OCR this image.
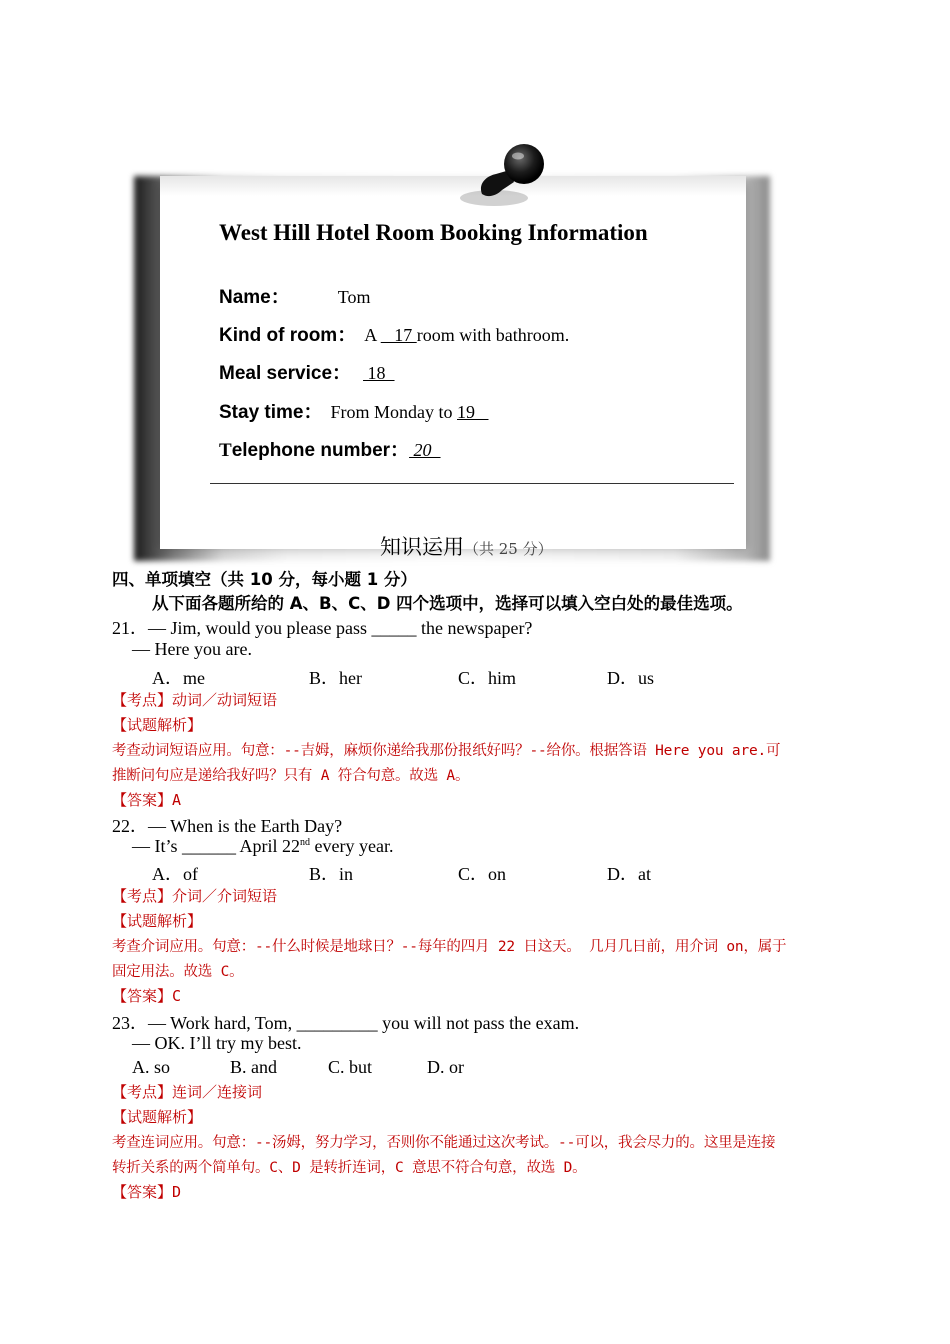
West Hill Hotel Room Booking Information
Name：	Tom
Kind of room： A    17 room with bathroom.
Meal service： 18
Stay time： From Monday to 19
Telephone number： 20
知识运用（共 25 分）
四、单项填空（共 10 分，每小题 1 分）
从下面各题所给的 A、B、C、D 四个选项中，选择可以填入空白处的最佳选项。
21．— Jim, would you please pass _____ the newspaper?
— Here you are.
A．me	B．her	C．him	D．us
【考点】动词／动词短语
【试题解析】
考查动词短语应用。句意：--吉姆，麻烦你递给我那份报纸好吗？--给你。根据答语 Here you are.可
推断问句应是递给我好吗？只有 A 符合句意。故选 A。
【答案】A
22．— When is the Earth Day?
— It’s ______ April 22nd every year.
A．of	B．in	C．on	D．at
【考点】介词／介词短语
【试题解析】
考查介词应用。句意：--什么时候是地球日？--每年的四月 22 日这天。 几月几日前，用介词 on，属于
固定用法。故选 C。
【答案】C
23．— Work hard, Tom, _________ you will not pass the exam.
— OK. I’ll try my best.
A. so	B. and	C. but	D. or
【考点】连词／连接词
【试题解析】
考查连词应用。句意：--汤姆，努力学习，否则你不能通过这次考试。--可以，我会尽力的。这里是连接
转折关系的两个简单句。C、D 是转折连词，C 意思不符合句意，故选 D。
【答案】D
